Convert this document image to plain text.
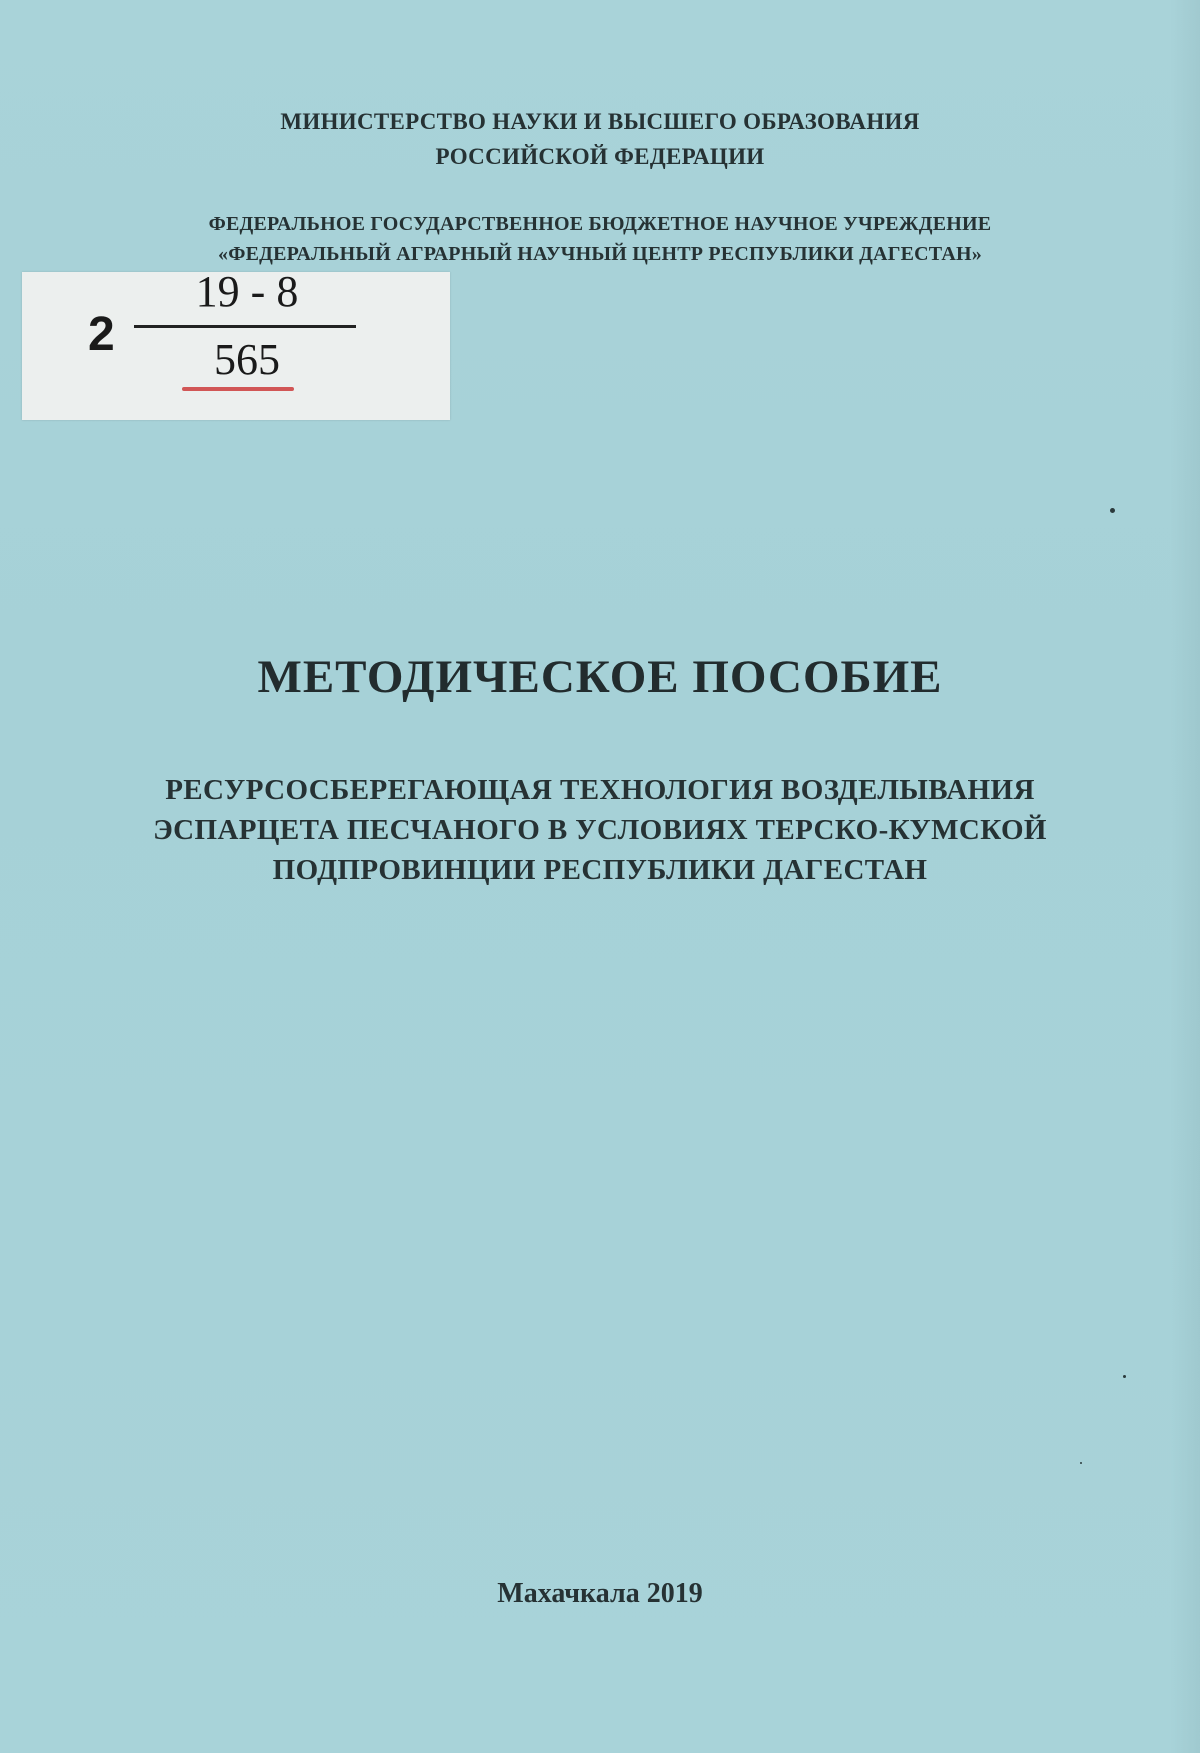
МИНИСТЕРСТВО НАУКИ И ВЫСШЕГО ОБРАЗОВАНИЯ
РОССИЙСКОЙ ФЕДЕРАЦИИ
ФЕДЕРАЛЬНОЕ ГОСУДАРСТВЕННОЕ БЮДЖЕТНОЕ НАУЧНОЕ УЧРЕЖДЕНИЕ
«ФЕДЕРАЛЬНЫЙ АГРАРНЫЙ НАУЧНЫЙ ЦЕНТР РЕСПУБЛИКИ ДАГЕСТАН»
2
19 - 8
565
МЕТОДИЧЕСКОЕ ПОСОБИЕ
РЕСУРСОСБЕРЕГАЮЩАЯ ТЕХНОЛОГИЯ ВОЗДЕЛЫВАНИЯ
ЭСПАРЦЕТА ПЕСЧАНОГО В УСЛОВИЯХ ТЕРСКО-КУМСКОЙ
ПОДПРОВИНЦИИ РЕСПУБЛИКИ ДАГЕСТАН
Махачкала 2019
